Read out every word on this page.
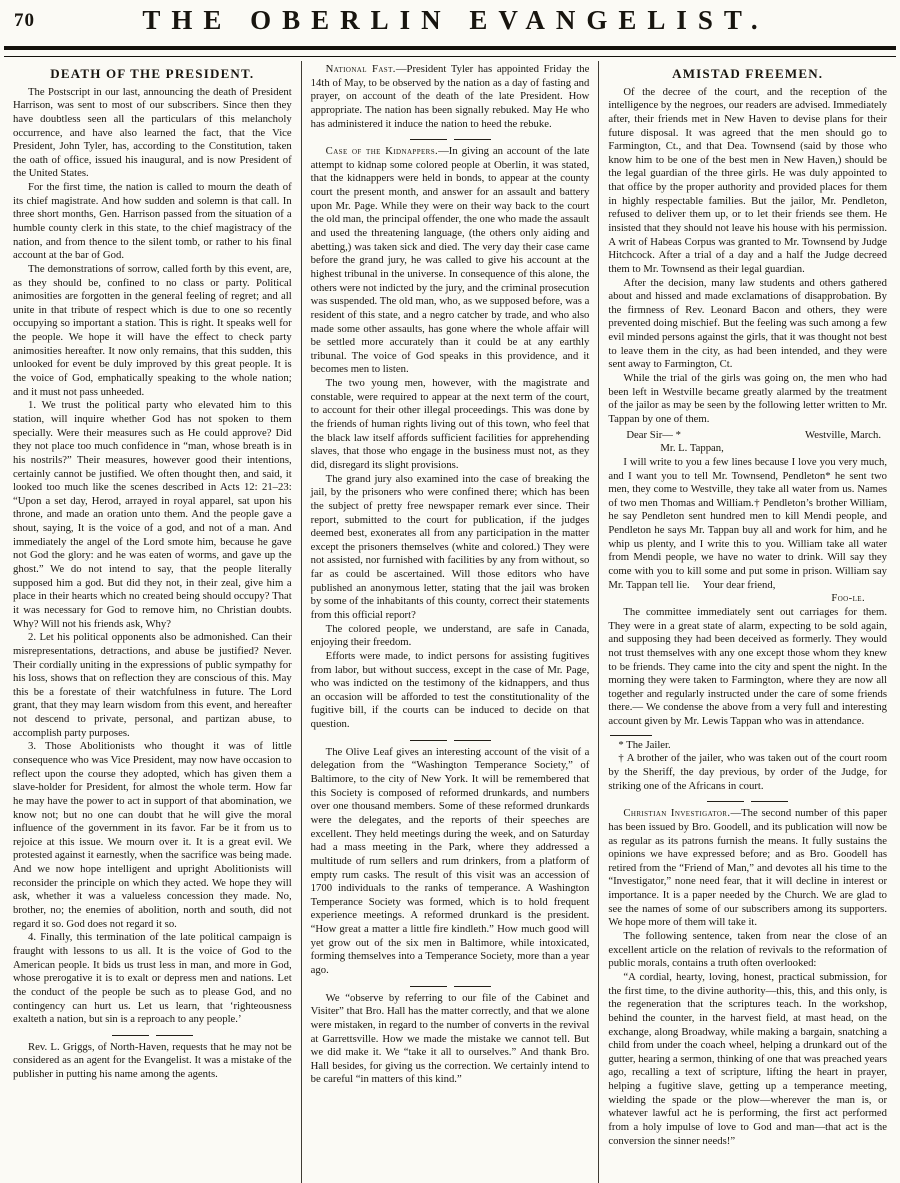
70	THE OBERLIN EVANGELIST.
DEATH OF THE PRESIDENT.

The Postscript in our last, announcing the death of President Harrison, was sent to most of our subscribers. Since then they have doubtless seen all the particulars of this melancholy occurrence, and have also learned the fact, that the Vice President, John Tyler, has, according to the Constitution, taken the oath of office, issued his inaugural, and is now President of the United States.

For the first time, the nation is called to mourn the death of its chief magistrate. And how sudden and solemn is that call. In three short months, Gen. Harrison passed from the situation of a humble county clerk in this state, to the chief magistracy of the nation, and from thence to the silent tomb, or rather to his final account at the bar of God.

The demonstrations of sorrow, called forth by this event, are, as they should be, confined to no class or party. Political animosities are forgotten in the general feeling of regret; and all unite in that tribute of respect which is due to one so recently occupying so important a station. This is right. It speaks well for the people. We hope it will have the effect to check party animosities hereafter. It now only remains, that this sudden, this unlooked for event be duly improved by this great people. It is the voice of God, emphatically speaking to the whole nation; and it must not pass unheeded.

1. We trust the political party who elevated him to this station, will inquire whether God has not spoken to them specially. Were their measures such as He could approve? Did they not place too much confidence in “man, whose breath is in his nostrils?” Their measures, however good their intentions, certainly cannot be justified. We often thought then, and said, it looked too much like the scenes described in Acts 12: 21–23: “Upon a set day, Herod, arrayed in royal apparel, sat upon his throne, and made an oration unto them. And the people gave a shout, saying, It is the voice of a god, and not of a man. And immediately the angel of the Lord smote him, because he gave not God the glory: and he was eaten of worms, and gave up the ghost.” We do not intend to say, that the people literally supposed him a god. But did they not, in their zeal, give him a place in their hearts which no created being should occupy? That it was necessary for God to remove him, no Christian doubts. Why? Will not his friends ask, Why?

2. Let his political opponents also be admonished. Can their misrepresentations, detractions, and abuse be justified? Never. Their cordially uniting in the expressions of public sympathy for his loss, shows that on reflection they are conscious of this. May this be a forestate of their watchfulness in future. The Lord grant, that they may learn wisdom from this event, and hereafter not descend to private, personal, and partizan abuse, to accomplish party purposes.

3. Those Abolitionists who thought it was of little consequence who was Vice President, may now have occasion to reflect upon the course they adopted, which has given them a slave-holder for President, for almost the whole term. How far he may have the power to act in support of that abomination, we know not; but no one can doubt that he will give the moral influence of the government in its favor. Far be it from us to rejoice at this issue. We mourn over it. It is a great evil. We protested against it earnestly, when the sacrifice was being made. And we now hope intelligent and upright Abolitionists will reconsider the principle on which they acted. We hope they will ask, whether it was a valueless concession they made. No, brother, no; the enemies of abolition, north and south, did not regard it so. God does not regard it so.

4. Finally, this termination of the late political campaign is fraught with lessons to us all. It is the voice of God to the American people. It bids us trust less in man, and more in God, whose prerogative it is to exalt or depress men and nations. Let the conduct of the people be such as to please God, and no contingency can hurt us. Let us learn, that ‘righteousness exalteth a nation, but sin is a reproach to any people.’

Rev. L. Griggs, of North-Haven, requests that he may not be considered as an agent for the Evangelist. It was a mistake of the publisher in putting his name among the agents.

National Fast.—President Tyler has appointed Friday the 14th of May, to be observed by the nation as a day of fasting and prayer, on account of the death of the late President. How appropriate. The nation has been signally rebuked. May He who has administered it induce the nation to heed the rebuke.

Case of the Kidnappers.—In giving an account of the late attempt to kidnap some colored people at Oberlin, it was stated, that the kidnappers were held in bonds, to appear at the county court the present month, and answer for an assault and battery upon Mr. Page. While they were on their way back to the court the old man, the principal offender, the one who made the assault and used the threatening language, (the others only aiding and abetting,) was taken sick and died. The very day their case came before the grand jury, he was called to give his account at the highest tribunal in the universe. In consequence of this alone, the others were not indicted by the jury, and the criminal prosecution was suspended. The old man, who, as we supposed before, was a resident of this state, and a negro catcher by trade, and who also made some other assaults, has gone where the whole affair will be settled more accurately than it could be at any earthly tribunal. The voice of God speaks in this providence, and it becomes men to listen.

The two young men, however, with the magistrate and constable, were required to appear at the next term of the court, to account for their other illegal proceedings. This was done by the friends of human rights living out of this town, who feel that the black law itself affords sufficient facilities for apprehending slaves, that those who engage in the business must not, as they did, disregard its slight provisions.

The grand jury also examined into the case of breaking the jail, by the prisoners who were confined there; which has been the subject of pretty free newspaper remark ever since. Their report, submitted to the court for publication, if the judges deemed best, exonerates all from any participation in the matter except the prisoners themselves (white and colored.) They were not assisted, nor furnished with facilities by any from without, so far as could be ascertained. Will those editors who have published an anonymous letter, stating that the jail was broken by some of the inhabitants of this county, correct their statements from this official report?

The colored people, we understand, are safe in Canada, enjoying their freedom.

Efforts were made, to indict persons for assisting fugitives from labor, but without success, except in the case of Mr. Page, who was indicted on the testimony of the kidnappers, and thus an occasion will be afforded to test the constitutionality of the fugitive bill, if the courts can be induced to decide on that question.

The Olive Leaf gives an interesting account of the visit of a delegation from the “Washington Temperance Society,” of Baltimore, to the city of New York. It will be remembered that this Society is composed of reformed drunkards, and numbers over one thousand members. Some of these reformed drunkards were the delegates, and the reports of their speeches are excellent. They held meetings during the week, and on Saturday had a mass meeting in the Park, where they addressed a multitude of rum sellers and rum drinkers, from a platform of empty rum casks. The result of this visit was an accession of 1700 individuals to the ranks of temperance. A Washington Temperance Society was formed, which is to hold frequent experience meetings. A reformed drunkard is the president. “How great a matter a little fire kindleth.” How much good will yet grow out of the six men in Baltimore, while intoxicated, forming themselves into a Temperance Society, more than a year ago.

We “observe by referring to our file of the Cabinet and Visiter” that Bro. Hall has the matter correctly, and that we alone were mistaken, in regard to the number of converts in the revival at Garrettsville. How we made the mistake we cannot tell. But we did make it. We “take it all to ourselves.” And thank Bro. Hall besides, for giving us the correction. We certainly intend to be careful “in matters of this kind.”

AMISTAD FREEMEN.

Of the decree of the court, and the reception of the intelligence by the negroes, our readers are advised. Immediately after, their friends met in New Haven to devise plans for their future disposal. It was agreed that the men should go to Farmington, Ct., and that Dea. Townsend (said by those who know him to be one of the best men in New Haven,) should be the legal guardian of the three girls. He was duly appointed to that office by the proper authority and provided places for them in highly respectable families. But the jailor, Mr. Pendleton, refused to deliver them up, or to let their friends see them. He insisted that they should not leave his house with his permission. A writ of Habeas Corpus was granted to Mr. Townsend by Judge Hitchcock. After a trial of a day and a half the Judge decreed them to Mr. Townsend as their legal guardian.

After the decision, many law students and others gathered about and hissed and made exclamations of disapprobation. By the firmness of Rev. Leonard Bacon and others, they were prevented doing mischief. But the feeling was such among a few evil minded persons against the girls, that it was thought not best to leave them in the city, as had been intended, and they were sent away to Farmington, Ct.

While the trial of the girls was going on, the men who had been left in Westville became greatly alarmed by the treatment of the jailor as may be seen by the following letter written to Mr. Tappan by one of them.

Dear Sir— *	Westville, March.

Mr. L. Tappan,

I will write to you a few lines because I love you very much, and I want you to tell Mr. Townsend, Pendleton* he sent two men, they come to Westville, they take all water from us. Names of two men Thomas and William.† Pendleton’s brother William, he say Pendleton sent hundred men to kill Mendi people, and Pendleton he says Mr. Tappan buy all and work for him, and he whip us plenty, and I write this to you. William take all water from Mendi people, we have no water to drink. Will say they come with you to kill some and put some in prison. William say Mr. Tappan tell lie.  Your dear friend,

Foo-le.

The committee immediately sent out carriages for them. They were in a great state of alarm, expecting to be sold again, and supposing they had been deceived as formerly. They would not trust themselves with any one except those whom they knew to be friends. They came into the city and spent the night. In the morning they were taken to Farmington, where they are now all together and regularly instructed under the care of some friends there.— We condense the above from a very full and interesting account given by Mr. Lewis Tappan who was in attendance.

* The Jailer.

† A brother of the jailer, who was taken out of the court room by the Sheriff, the day previous, by order of the Judge, for striking one of the Africans in court.

Christian Investigator.—The second number of this paper has been issued by Bro. Goodell, and its publication will now be as regular as its patrons furnish the means. It fully sustains the opinions we have expressed before; and as Bro. Goodell has retired from the “Friend of Man,” and devotes all his time to the “Investigator,” none need fear, that it will decline in interest or importance. It is a paper needed by the Church. We are glad to see the names of some of our subscribers among its supporters. We hope more of them will take it.

The following sentence, taken from near the close of an excellent article on the relation of revivals to the reformation of public morals, contains a truth often overlooked:

“A cordial, hearty, loving, honest, practical submission, for the first time, to the divine authority—this, this, and this only, is the regeneration that the scriptures teach. In the workshop, behind the counter, in the harvest field, at mast head, on the exchange, along Broadway, while making a bargain, snatching a child from under the coach wheel, helping a drunkard out of the gutter, hearing a sermon, thinking of one that was preached years ago, recalling a text of scripture, lifting the heart in prayer, helping a fugitive slave, getting up a temperance meeting, wielding the spade or the plow—wherever the man is, or whatever lawful act he is performing, the first act performed from a holy impulse of love to God and man—that act is the conversion the sinner needs!”
